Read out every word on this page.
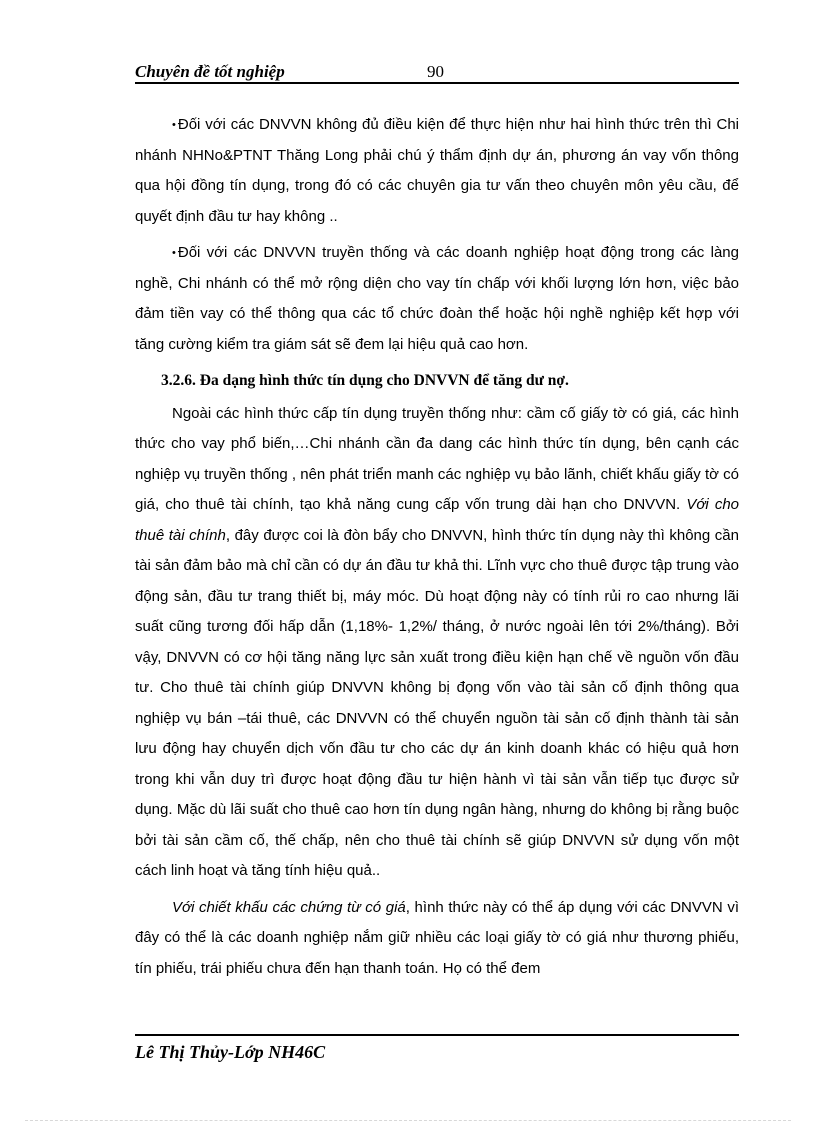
Chuyên đề tốt nghiệp	90

• Đối với các DNVVN không đủ điều kiện để thực hiện như hai hình thức trên thì Chi nhánh NHNo&PTNT Thăng Long phải chú ý thẩm định dự án, phương án vay vốn thông qua hội đồng tín dụng, trong đó có các chuyên gia tư vấn theo chuyên môn yêu cầu, để quyết định đầu tư hay không ..

• Đối với các DNVVN truyền thống và các doanh nghiệp hoạt động trong các làng nghề, Chi nhánh có thể mở rộng diện cho vay tín chấp với khối lượng lớn hơn, việc bảo đảm tiền vay có thể thông qua các tổ chức đoàn thể hoặc hội nghề nghiệp kết hợp với tăng cường kiểm tra giám sát sẽ đem lại hiệu quả cao hơn.

3.2.6. Đa dạng hình thức tín dụng cho DNVVN để tăng dư nợ.

Ngoài các hình thức cấp tín dụng truyền thống như: cầm cố giấy tờ có giá, các hình thức cho vay phổ biến,…Chi nhánh cần đa dang các hình thức tín dụng, bên cạnh các nghiệp vụ truyền thống , nên phát triển manh các nghiệp vụ bảo lãnh, chiết khấu giấy tờ có giá, cho thuê tài chính, tạo khả năng cung cấp vốn trung dài hạn cho DNVVN. Với cho thuê tài chính, đây được coi là đòn bẩy cho DNVVN, hình thức tín dụng này thì không cần tài sản đảm bảo mà chỉ cần có dự án đầu tư khả thi. Lĩnh vực cho thuê được tập trung vào động sản, đầu tư trang thiết bị, máy móc. Dù hoạt động này có tính rủi ro cao nhưng lãi suất cũng tương đối hấp dẫn (1,18%- 1,2%/ tháng, ở nước ngoài lên tới 2%/tháng). Bởi vậy, DNVVN có cơ hội tăng năng lực sản xuất trong điều kiện hạn chế về nguồn vốn đầu tư. Cho thuê tài chính giúp DNVVN không bị đọng vốn vào tài sản cố định thông qua nghiệp vụ bán –tái thuê, các DNVVN có thể chuyển nguồn tài sản cố định thành tài sản lưu động hay chuyển dịch vốn đầu tư cho các dự án kinh doanh khác có hiệu quả hơn trong khi vẫn duy trì được hoạt động đầu tư hiện hành vì tài sản vẫn tiếp tục được sử dụng. Mặc dù lãi suất cho thuê cao hơn tín dụng ngân hàng, nhưng do không bị rằng buộc bởi tài sản cầm cố, thế chấp, nên cho thuê tài chính sẽ giúp DNVVN sử dụng vốn một cách linh hoạt và tăng tính hiệu quả..

Với chiết khấu các chứng từ có giá, hình thức này có thể áp dụng với các DNVVN vì đây có thể là các doanh nghiệp nắm giữ nhiều các loại giấy tờ có giá như thương phiếu, tín phiếu, trái phiếu chưa đến hạn thanh toán. Họ có thể đem

Lê Thị Thủy-Lớp NH46C
